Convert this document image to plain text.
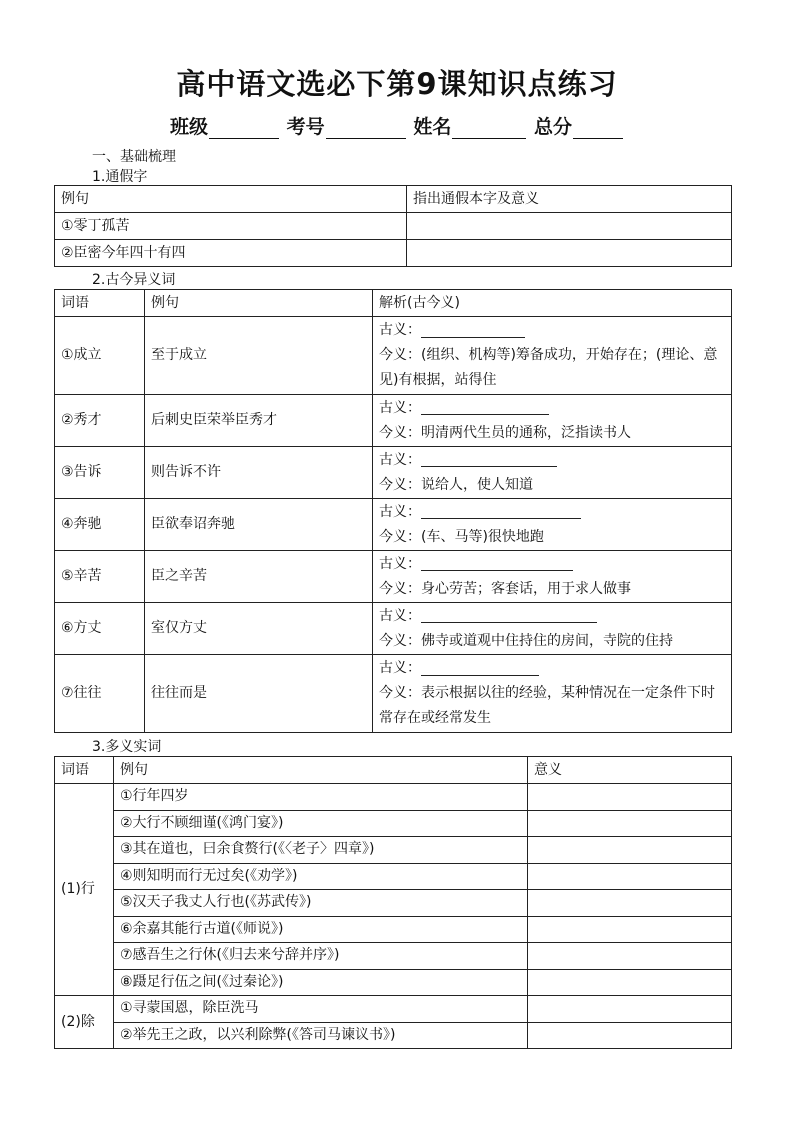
高中语文选必下第9课知识点练习
班级	考号	姓名	总分
一、基础梳理
1.通假字
例句	指出通假本字及意义
①零丁孤苦	
②臣密今年四十有四	
2.古今异义词
词语	例句	解析(古今义)
①成立	至于成立	古义：
今义：(组织、机构等)筹备成功，开始存在；(理论、意见)有根据，站得住

②秀才	后刺史臣荣举臣秀才	古义：
今义：明清两代生员的通称，泛指读书人

③告诉	则告诉不许	古义：
今义：说给人，使人知道

④奔驰	臣欲奉诏奔驰	古义：
今义：(车、马等)很快地跑

⑤辛苦	臣之辛苦	古义：
今义：身心劳苦；客套话，用于求人做事

⑥方丈	室仅方丈	古义：
今义：佛寺或道观中住持住的房间，寺院的住持

⑦往往	往往而是	古义：
今义：表示根据以往的经验，某种情况在一定条件下时常存在或经常发生
3.多义实词
词语	例句	意义
(1)行	①行年四岁	
	②大行不顾细谨(《鸿门宴》)	
	③其在道也，曰余食赘行(《〈老子〉四章》)	
	④则知明而行无过矣(《劝学》)	
	⑤汉天子我丈人行也(《苏武传》)	
	⑥余嘉其能行古道(《师说》)	
	⑦感吾生之行休(《归去来兮辞并序》)	
	⑧蹑足行伍之间(《过秦论》)	
(2)除	①寻蒙国恩，除臣洗马	
	②举先王之政，以兴利除弊(《答司马谏议书》)	
